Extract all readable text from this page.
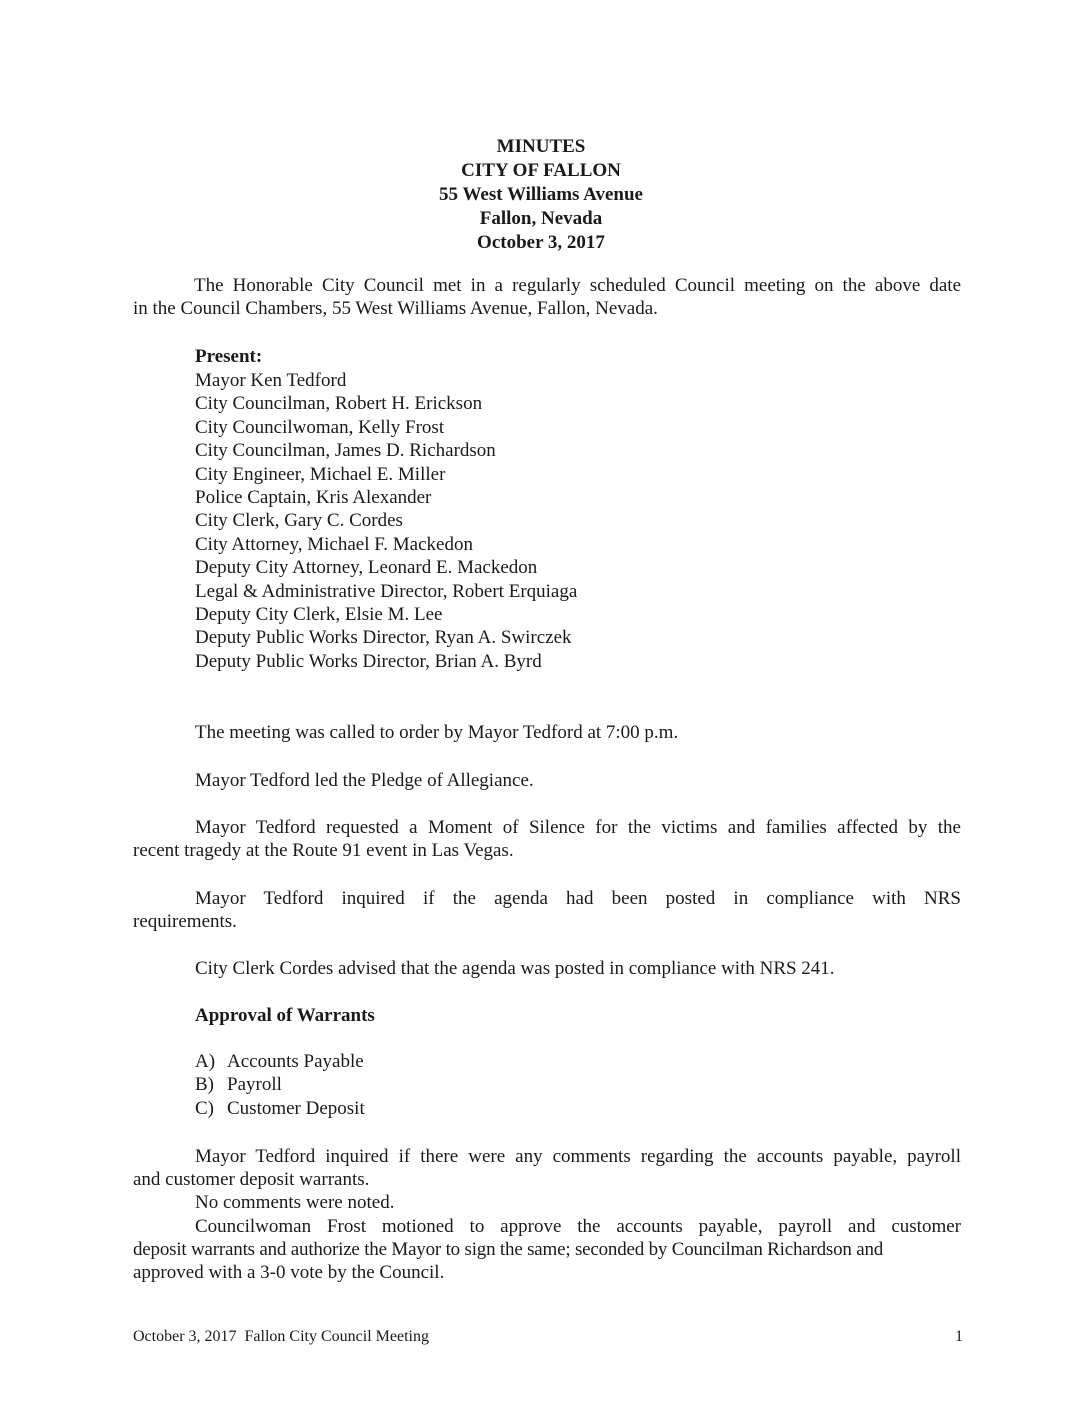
MINUTES
CITY OF FALLON
55 West Williams Avenue
Fallon, Nevada
October 3, 2017
The Honorable City Council met in a regularly scheduled Council meeting on the above date
in the Council Chambers, 55 West Williams Avenue, Fallon, Nevada.
Present:
Mayor Ken Tedford
City Councilman, Robert H. Erickson
City Councilwoman, Kelly Frost
City Councilman, James D. Richardson
City Engineer, Michael E. Miller
Police Captain, Kris Alexander
City Clerk, Gary C. Cordes
City Attorney, Michael F. Mackedon
Deputy City Attorney, Leonard E. Mackedon
Legal & Administrative Director, Robert Erquiaga
Deputy City Clerk, Elsie M. Lee
Deputy Public Works Director, Ryan A. Swirczek
Deputy Public Works Director, Brian A. Byrd
The meeting was called to order by Mayor Tedford at 7:00 p.m.
Mayor Tedford led the Pledge of Allegiance.
Mayor Tedford requested a Moment of Silence for the victims and families affected by the
recent tragedy at the Route 91 event in Las Vegas.
Mayor Tedford inquired if the agenda had been posted in compliance with NRS
requirements.
City Clerk Cordes advised that the agenda was posted in compliance with NRS 241.
Approval of Warrants
A) Accounts Payable
B) Payroll
C) Customer Deposit
Mayor Tedford inquired if there were any comments regarding the accounts payable, payroll
and customer deposit warrants.
No comments were noted.
Councilwoman Frost motioned to approve the accounts payable, payroll and customer
deposit warrants and authorize the Mayor to sign the same; seconded by Councilman Richardson and
approved with a 3-0 vote by the Council.
October 3, 2017  Fallon City Council Meeting	1
